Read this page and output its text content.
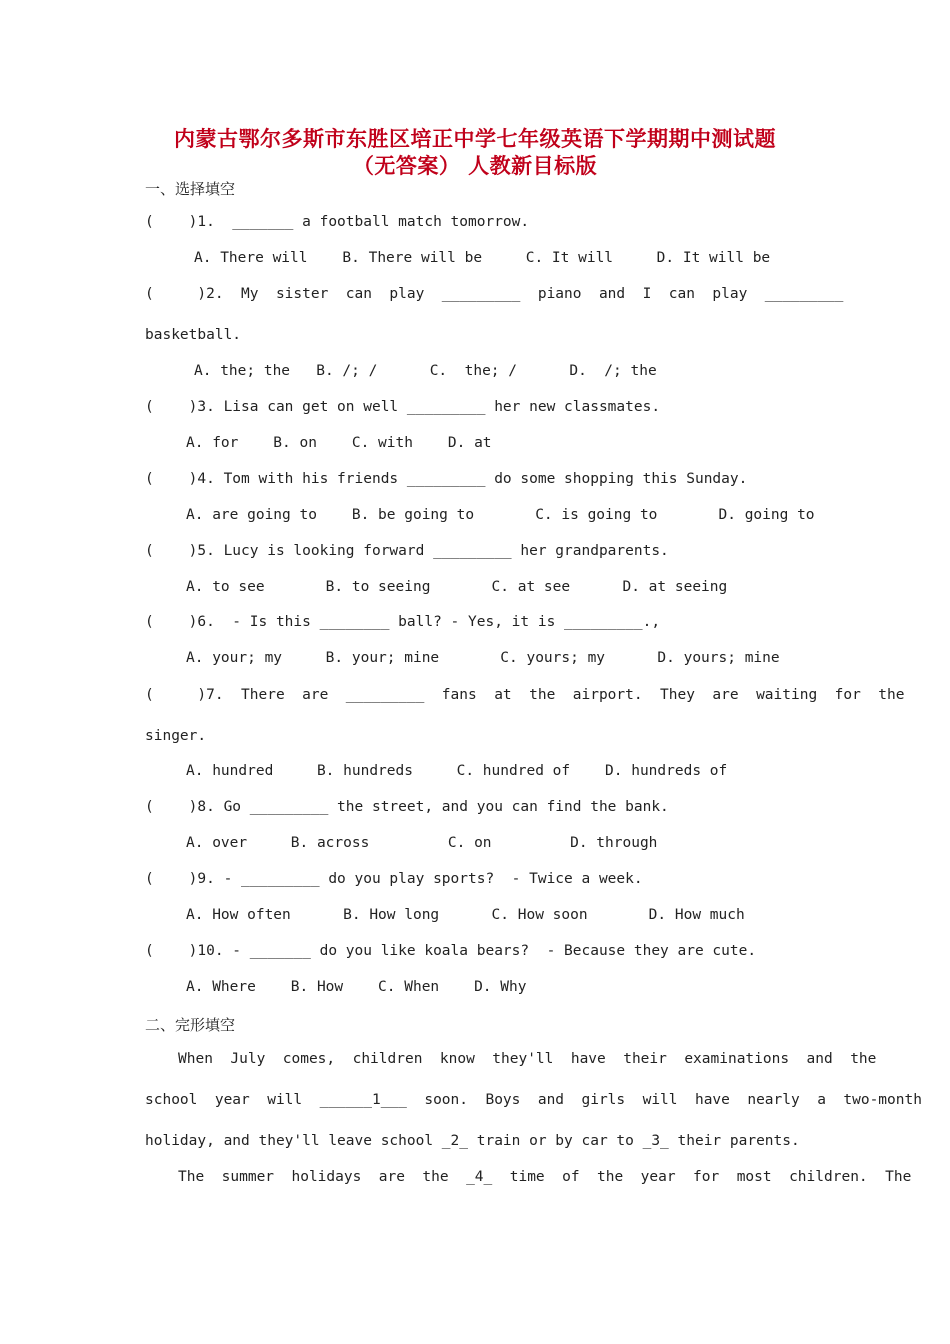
内蒙古鄂尔多斯市东胜区培正中学七年级英语下学期期中测试题
（无答案） 人教新目标版
一、选择填空
(    )1.  _______ a football match tomorrow.
A. There will    B. There will be     C. It will     D. It will be
(     )2.  My  sister  can  play  _________  piano  and  I  can  play  _________
basketball.
A. the; the   B. /; /      C.  the; /      D.  /; the
(    )3. Lisa can get on well _________ her new classmates.
A. for    B. on    C. with    D. at
(    )4. Tom with his friends _________ do some shopping this Sunday.
A. are going to    B. be going to       C. is going to       D. going to
(    )5. Lucy is looking forward _________ her grandparents.
A. to see       B. to seeing       C. at see      D. at seeing
(    )6.  - Is this ________ ball? - Yes, it is _________.,
A. your; my     B. your; mine       C. yours; my      D. yours; mine
(     )7.  There  are  _________  fans  at  the  airport.  They  are  waiting  for  the
singer.
A. hundred     B. hundreds     C. hundred of    D. hundreds of
(    )8. Go _________ the street, and you can find the bank.
A. over     B. across         C. on         D. through
(    )9. - _________ do you play sports?  - Twice a week.
A. How often      B. How long      C. How soon       D. How much
(    )10. - _______ do you like koala bears?  - Because they are cute.
A. Where    B. How    C. When    D. Why
二、完形填空
When  July  comes,  children  know  they'll  have  their  examinations  and  the
school  year  will  ______1___  soon.  Boys  and  girls  will  have  nearly  a  two-month
holiday, and they'll leave school _2_ train or by car to _3_ their parents.
The  summer  holidays  are  the  _4_  time  of  the  year  for  most  children.  The
